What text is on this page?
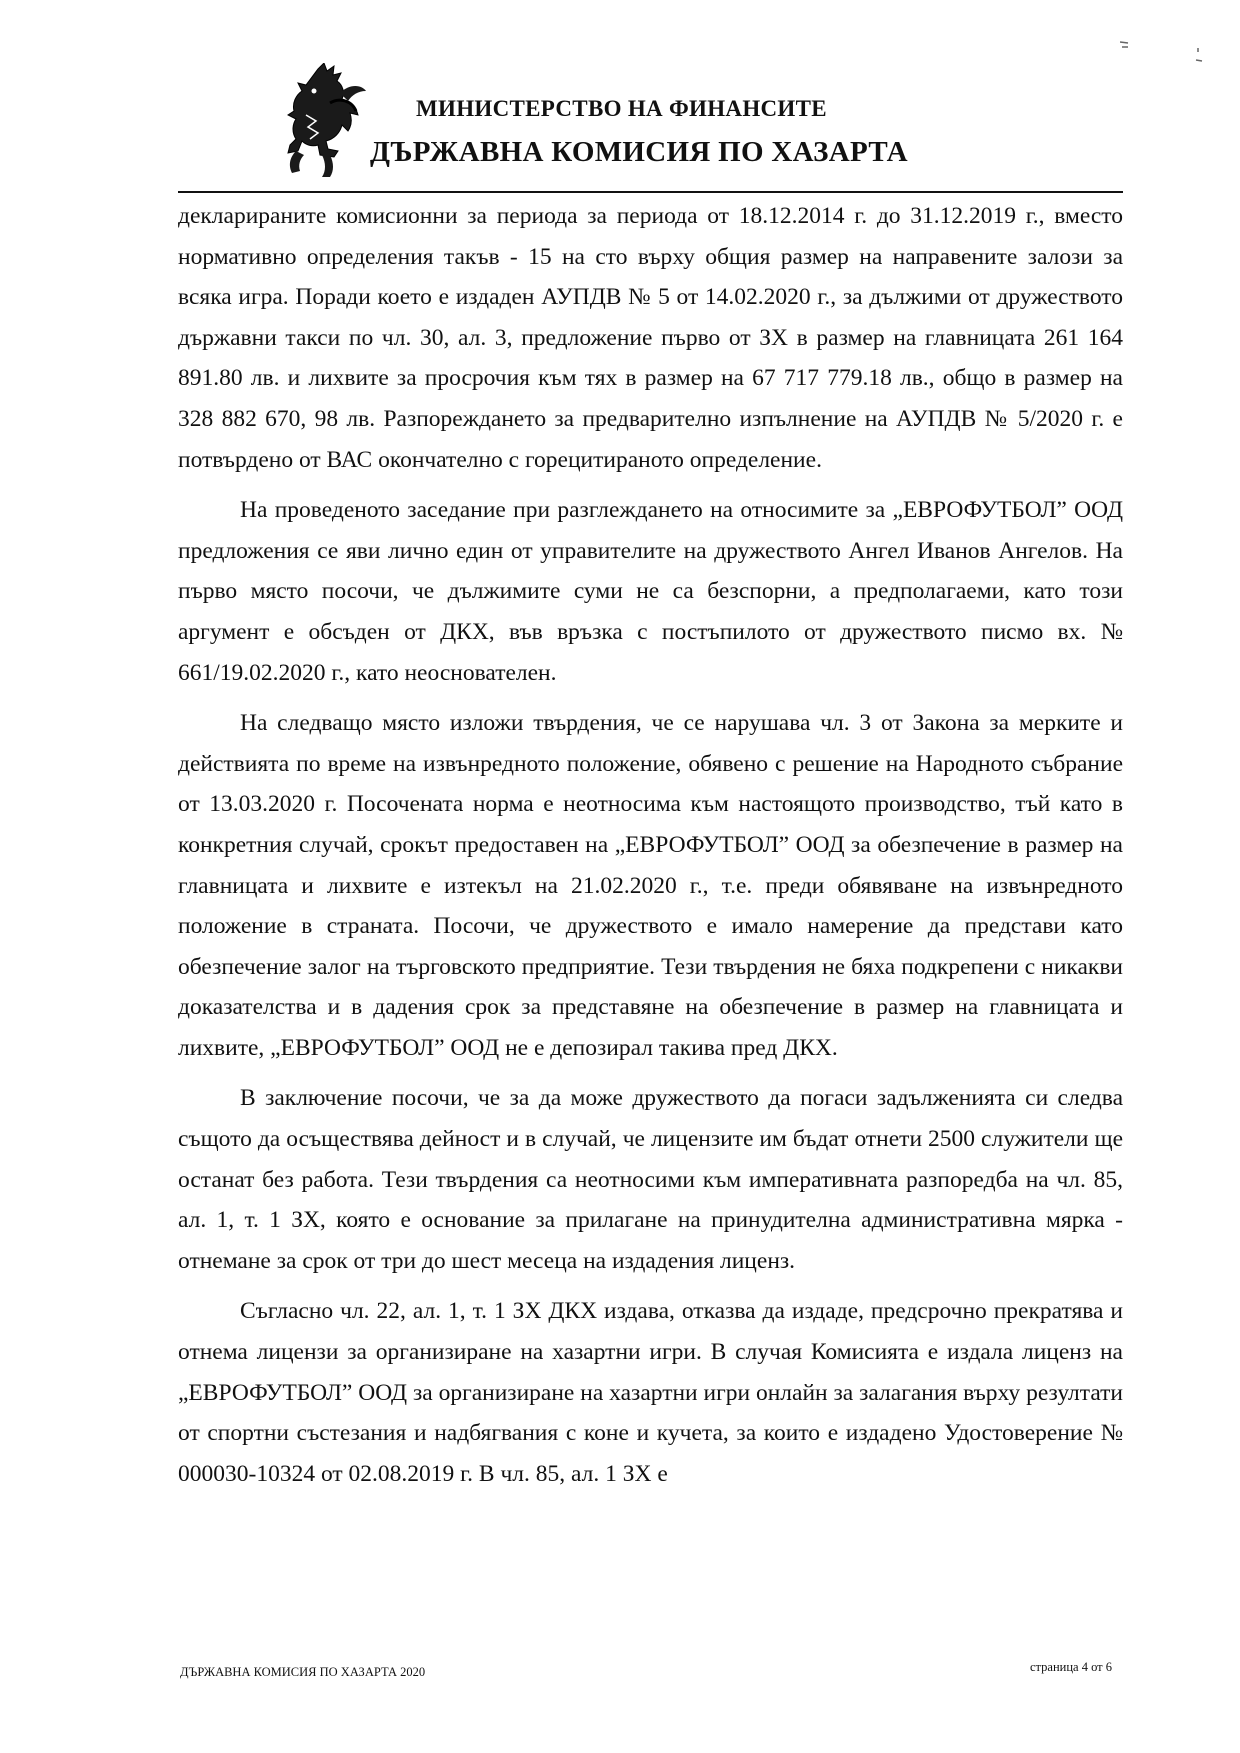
МИНИСТЕРСТВО НА ФИНАНСИТЕ
ДЪРЖАВНА КОМИСИЯ ПО ХАЗАРТА

декларираните комисионни за периода за периода от 18.12.2014 г. до 31.12.2019 г., вместо нормативно определения такъв - 15 на сто върху общия размер на направените залози за всяка игра. Поради което е издаден АУПДВ № 5 от 14.02.2020 г., за дължими от дружеството държавни такси по чл. 30, ал. 3, предложение първо от ЗХ в размер на главницата 261 164 891.80 лв. и лихвите за просрочия към тях в размер на 67 717 779.18 лв., общо в размер на 328 882 670, 98 лв. Разпореждането за предварително изпълнение на АУПДВ № 5/2020 г. е потвърдено от ВАС окончателно с горецитираното определение.

На проведеното заседание при разглеждането на относимите за „ЕВРОФУТБОЛ” ООД предложения се яви лично един от управителите на дружеството Ангел Иванов Ангелов. На първо място посочи, че дължимите суми не са безспорни, а предполагаеми, като този аргумент е обсъден от ДКХ, във връзка с постъпилото от дружеството писмо вх. № 661/19.02.2020 г., като неоснователен.

На следващо място изложи твърдения, че се нарушава чл. 3 от Закона за мерките и действията по време на извънредното положение, обявено с решение на Народното събрание от 13.03.2020 г. Посочената норма е неотносима към настоящото производство, тъй като в конкретния случай, срокът предоставен на „ЕВРОФУТБОЛ” ООД за обезпечение в размер на главницата и лихвите е изтекъл на 21.02.2020 г., т.е. преди обявяване на извънредното положение в страната. Посочи, че дружеството е имало намерение да представи като обезпечение залог на търговското предприятие. Тези твърдения не бяха подкрепени с никакви доказателства и в дадения срок за представяне на обезпечение в размер на главницата и лихвите, „ЕВРОФУТБОЛ” ООД не е депозирал такива пред ДКХ.

В заключение посочи, че за да може дружеството да погаси задълженията си следва същото да осъществява дейност и в случай, че лицензите им бъдат отнети 2500 служители ще останат без работа. Тези твърдения са неотносими към императивната разпоредба на чл. 85, ал. 1, т. 1 ЗХ, която е основание за прилагане на принудителна административна мярка - отнемане за срок от три до шест месеца на издадения лиценз.

Съгласно чл. 22, ал. 1, т. 1 ЗХ ДКХ издава, отказва да издаде, предсрочно прекратява и отнема лицензи за организиране на хазартни игри. В случая Комисията е издала лиценз на „ЕВРОФУТБОЛ” ООД за организиране на хазартни игри онлайн за залагания върху резултати от спортни състезания и надбягвания с коне и кучета, за които е издадено Удостоверение № 000030-10324 от 02.08.2019 г. В чл. 85, ал. 1 ЗХ е

ДЪРЖАВНА КОМИСИЯ ПО ХАЗАРТА 2020	страница 4 от 6
